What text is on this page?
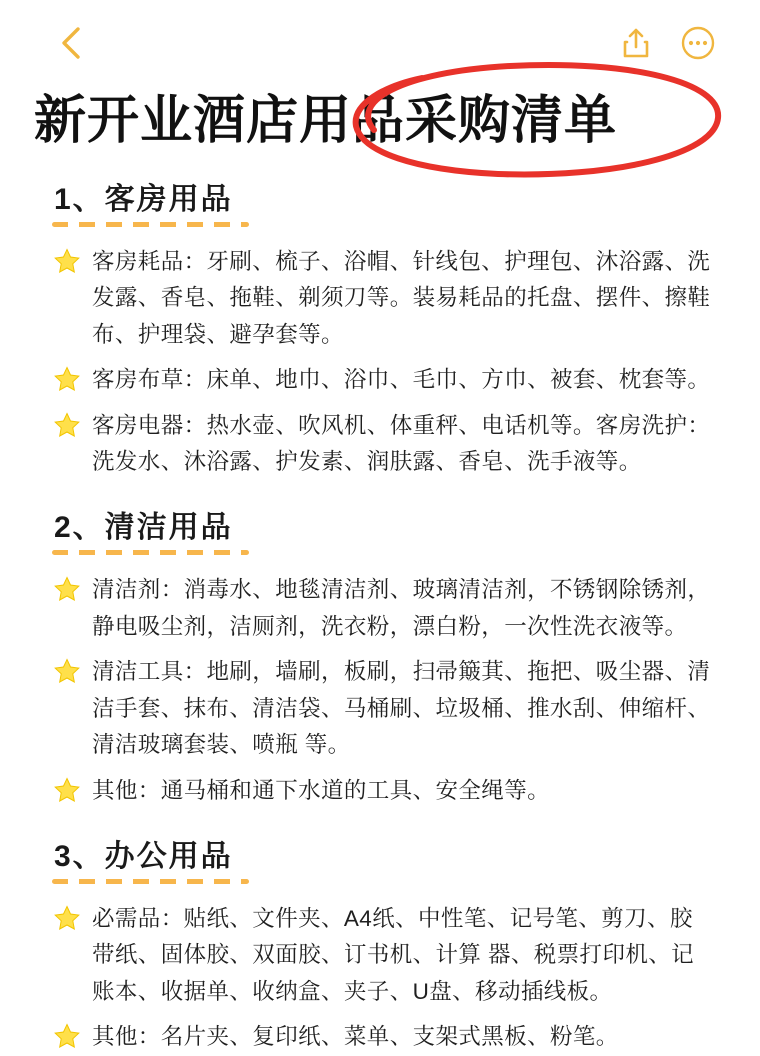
新开业酒店用品采购清单
1、客房用品
客房耗品：牙刷、梳子、浴帽、针线包、护理包、沐浴露、洗发露、香皂、拖鞋、剃须刀等。装易耗品的托盘、摆件、擦鞋布、护理袋、避孕套等。
客房布草：床单、地巾、浴巾、毛巾、方巾、被套、枕套等。
客房电器：热水壶、吹风机、体重秤、电话机等。客房洗护：洗发水、沐浴露、护发素、润肤露、香皂、洗手液等。
2、清洁用品
清洁剂：消毒水、地毯清洁剂、玻璃清洁剂，不锈钢除锈剂，静电吸尘剂，洁厕剂，洗衣粉，漂白粉，一次性洗衣液等。
清洁工具：地刷，墙刷，板刷，扫帚簸萁、拖把、吸尘器、清洁手套、抹布、清洁袋、马桶刷、垃圾桶、推水刮、伸缩杆、清洁玻璃套装、喷瓶 等。
其他：通马桶和通下水道的工具、安全绳等。
3、办公用品
必需品：贴纸、文件夹、A4纸、中性笔、记号笔、剪刀、胶带纸、固体胶、双面胶、订书机、计算 器、税票打印机、记账本、收据单、收纳盒、夹子、U盘、移动插线板。
其他：名片夹、复印纸、菜单、支架式黑板、粉笔。
